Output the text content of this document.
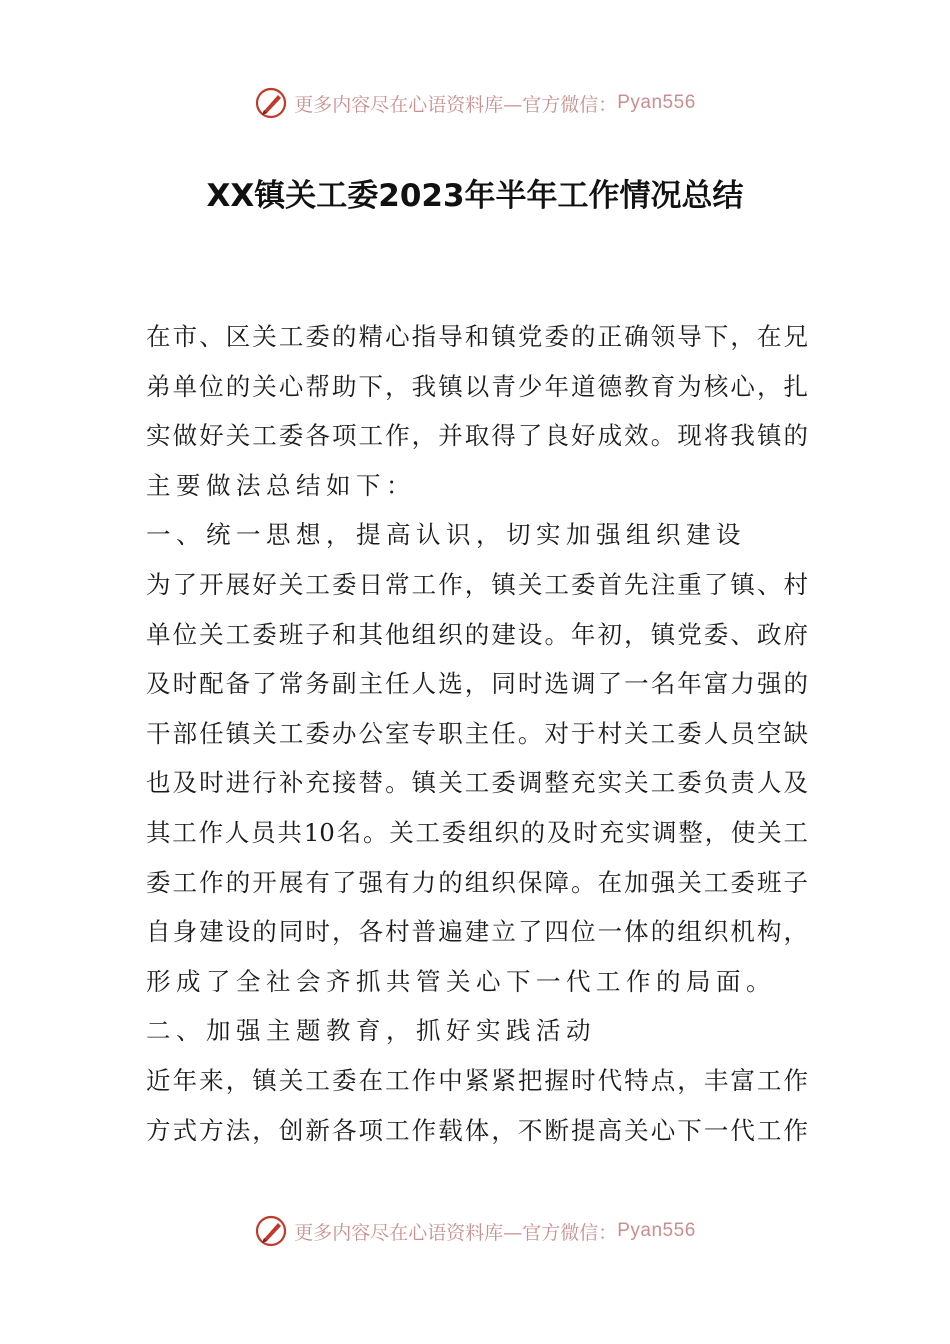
更多内容尽在心语资料库—官方微信： Pyan556
XX镇关工委2023年半年工作情况总结
在 市 、 区 关 工 委 的 精 心 指 导 和 镇 党 委 的 正 确 领 导 下 ， 在 兄
弟 单 位 的 关 心 帮 助 下 ， 我 镇 以 青 少 年 道 德 教 育 为 核 心 ， 扎
实 做 好 关 工 委 各 项 工 作 ， 并 取 得 了 良 好 成 效 。 现 将 我 镇 的
主要做法总结如下：
一、统一思想，提高认识，切实加强组织建设
为 了 开 展 好 关 工 委 日 常 工 作 ， 镇 关 工 委 首 先 注 重 了 镇 、 村
单 位 关 工 委 班 子 和 其 他 组 织 的 建 设 。 年 初 ， 镇 党 委 、 政 府
及 时 配 备 了 常 务 副 主 任 人 选 ， 同 时 选 调 了 一 名 年 富 力 强 的
干 部 任 镇 关 工 委 办 公 室 专 职 主 任 。 对 于 村 关 工 委 人 员 空 缺
也 及 时 进 行 补 充 接 替 。 镇 关 工 委 调 整 充 实 关 工 委 负 责 人 及
其 工 作 人 员 共 10 名 。 关 工 委 组 织 的 及 时 充 实 调 整 ， 使 关 工
委 工 作 的 开 展 有 了 强 有 力 的 组 织 保 障 。 在 加 强 关 工 委 班 子
自 身 建 设 的 同 时 ， 各 村 普 遍 建 立 了 四 位 一 体 的 组 织 机 构 ，
形成了全社会齐抓共管关心下一代工作的局面。
二、加强主题教育，抓好实践活动
近 年 来 ， 镇 关 工 委 在 工 作 中 紧 紧 把 握 时 代 特 点 ， 丰 富 工 作
方 式 方 法 ， 创 新 各 项 工 作 载 体 ， 不 断 提 高 关 心 下 一 代 工 作
更多内容尽在心语资料库—官方微信： Pyan556
